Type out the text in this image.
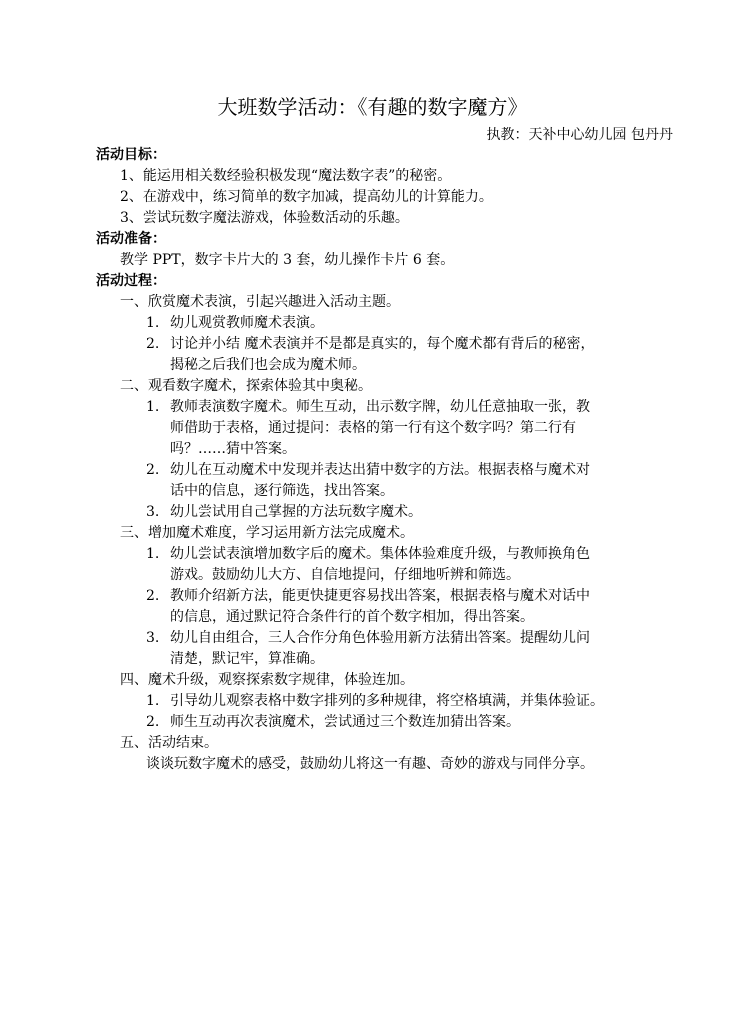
大班数学活动：《有趣的数字魔方》
执教：天补中心幼儿园 包丹丹
活动目标：
1、能运用相关数经验积极发现“魔法数字表”的秘密。
2、在游戏中，练习简单的数字加减，提高幼儿的计算能力。
3、尝试玩数字魔法游戏，体验数活动的乐趣。
活动准备：
教学 PPT，数字卡片大的 3 套，幼儿操作卡片 6 套。
活动过程：
一、欣赏魔术表演，引起兴趣进入活动主题。
1. 幼儿观赏教师魔术表演。
2. 讨论并小结 魔术表演并不是都是真实的，每个魔术都有背后的秘密，
揭秘之后我们也会成为魔术师。
二、观看数字魔术，探索体验其中奥秘。
1. 教师表演数字魔术。师生互动，出示数字牌，幼儿任意抽取一张，教
师借助于表格，通过提问：表格的第一行有这个数字吗？第二行有
吗？……猜中答案。
2. 幼儿在互动魔术中发现并表达出猜中数字的方法。根据表格与魔术对
话中的信息，逐行筛选，找出答案。
3. 幼儿尝试用自己掌握的方法玩数字魔术。
三、增加魔术难度，学习运用新方法完成魔术。
1. 幼儿尝试表演增加数字后的魔术。集体体验难度升级，与教师换角色
游戏。鼓励幼儿大方、自信地提问，仔细地听辨和筛选。
2. 教师介绍新方法，能更快捷更容易找出答案，根据表格与魔术对话中
的信息，通过默记符合条件行的首个数字相加，得出答案。
3. 幼儿自由组合，三人合作分角色体验用新方法猜出答案。提醒幼儿问
清楚，默记牢，算准确。
四、魔术升级，观察探索数字规律，体验连加。
1. 引导幼儿观察表格中数字排列的多种规律，将空格填满，并集体验证。
2. 师生互动再次表演魔术，尝试通过三个数连加猜出答案。
五、活动结束。
谈谈玩数字魔术的感受，鼓励幼儿将这一有趣、奇妙的游戏与同伴分享。
